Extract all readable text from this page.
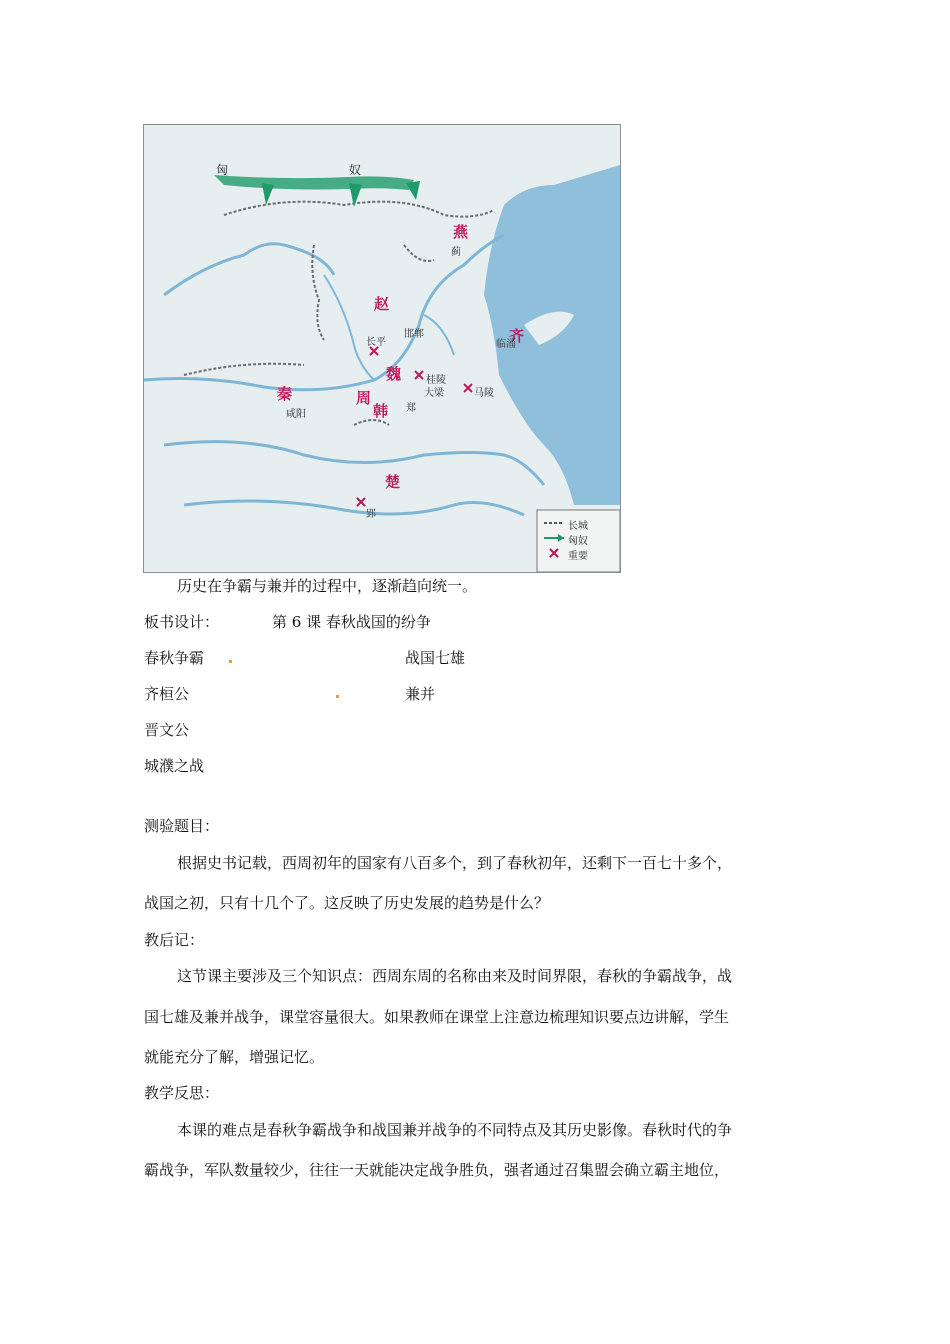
匈	奴
燕
赵
齐
魏
秦	周
韩
楚
蓟
邯郸
长平	临淄
桂陵
大梁	马陵
郑
咸阳
郢
长城
匈奴
重要
历史在争霸与兼并的过程中，逐渐趋向统一。
板书设计：	第 6 课 春秋战国的纷争
春秋争霸	战国七雄
齐桓公	兼并
晋文公
城濮之战
测验题目：
根据史书记载，西周初年的国家有八百多个，到了春秋初年，还剩下一百七十多个，
战国之初，只有十几个了。这反映了历史发展的趋势是什么？
教后记：
这节课主要涉及三个知识点：西周东周的名称由来及时间界限，春秋的争霸战争，战
国七雄及兼并战争，课堂容量很大。如果教师在课堂上注意边梳理知识要点边讲解，学生
就能充分了解，增强记忆。
教学反思：
本课的难点是春秋争霸战争和战国兼并战争的不同特点及其历史影像。春秋时代的争
霸战争，军队数量较少，往往一天就能决定战争胜负，强者通过召集盟会确立霸主地位，
